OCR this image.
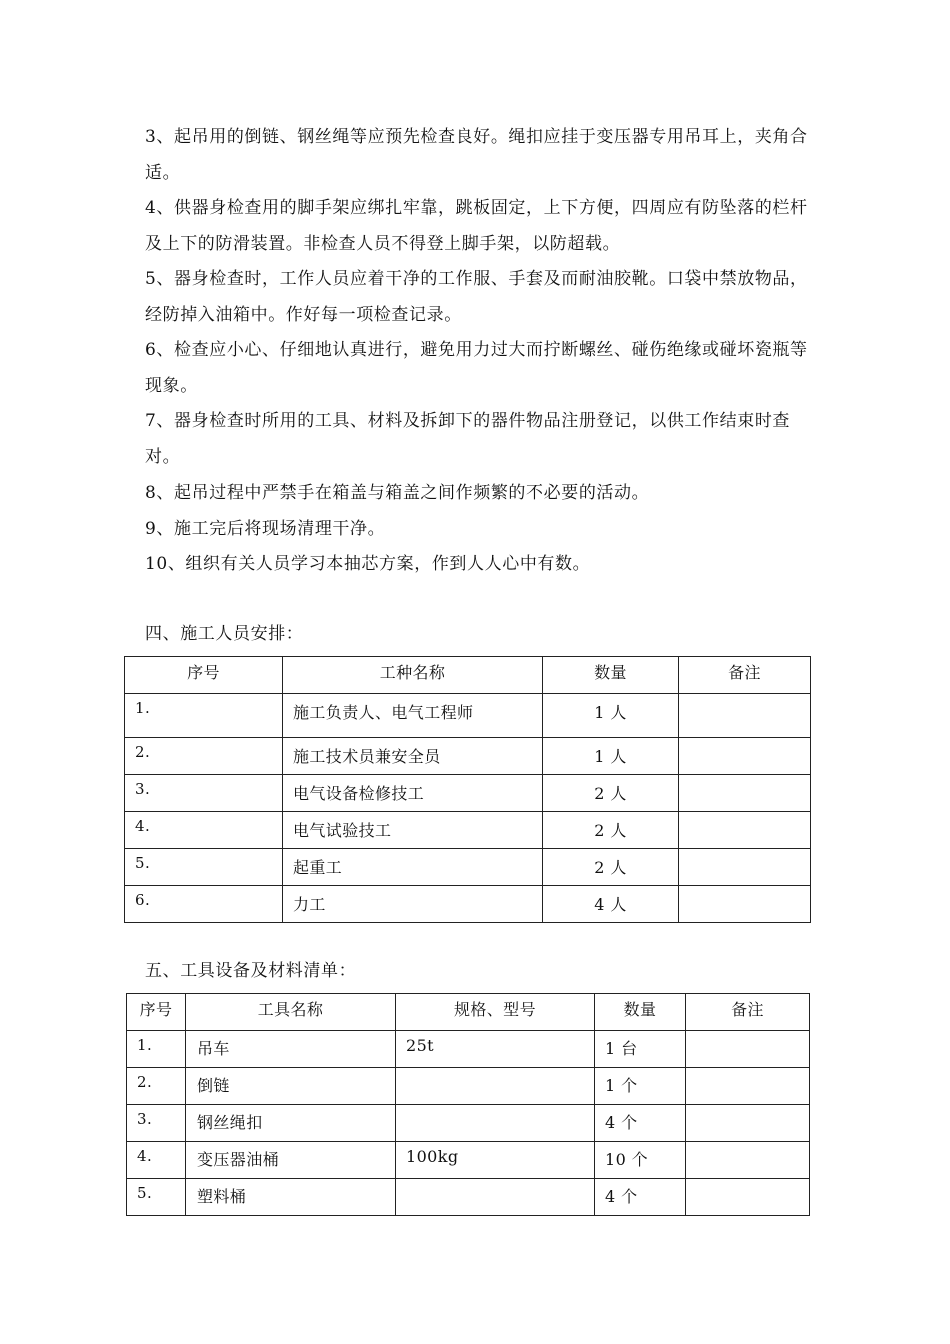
3、起吊用的倒链、钢丝绳等应预先检查良好。绳扣应挂于变压器专用吊耳上，夹角合适。

4、供器身检查用的脚手架应绑扎牢靠，跳板固定，上下方便，四周应有防坠落的栏杆及上下的防滑装置。非检查人员不得登上脚手架，以防超载。

5、器身检查时，工作人员应着干净的工作服、手套及而耐油胶靴。口袋中禁放物品，经防掉入油箱中。作好每一项检查记录。

6、检查应小心、仔细地认真进行，避免用力过大而拧断螺丝、碰伤绝缘或碰坏瓷瓶等现象。

7、器身检查时所用的工具、材料及拆卸下的器件物品注册登记，以供工作结束时查对。

8、起吊过程中严禁手在箱盖与箱盖之间作频繁的不必要的活动。

9、施工完后将现场清理干净。

10、组织有关人员学习本抽芯方案，作到人人心中有数。

四、施工人员安排：

序号	工种名称	数量	备注
1.	施工负责人、电气工程师	1 人	
2.	施工技术员兼安全员	1 人	
3.	电气设备检修技工	2 人	
4.	电气试验技工	2 人	
5.	起重工	2 人	
6.	力工	4 人	

五、工具设备及材料清单：

序号	工具名称	规格、型号	数量	备注
1.	吊车	25t	1 台	
2.	倒链		1 个	
3.	钢丝绳扣		4 个	
4.	变压器油桶	100kg	10 个	
5.	塑料桶		4 个	
